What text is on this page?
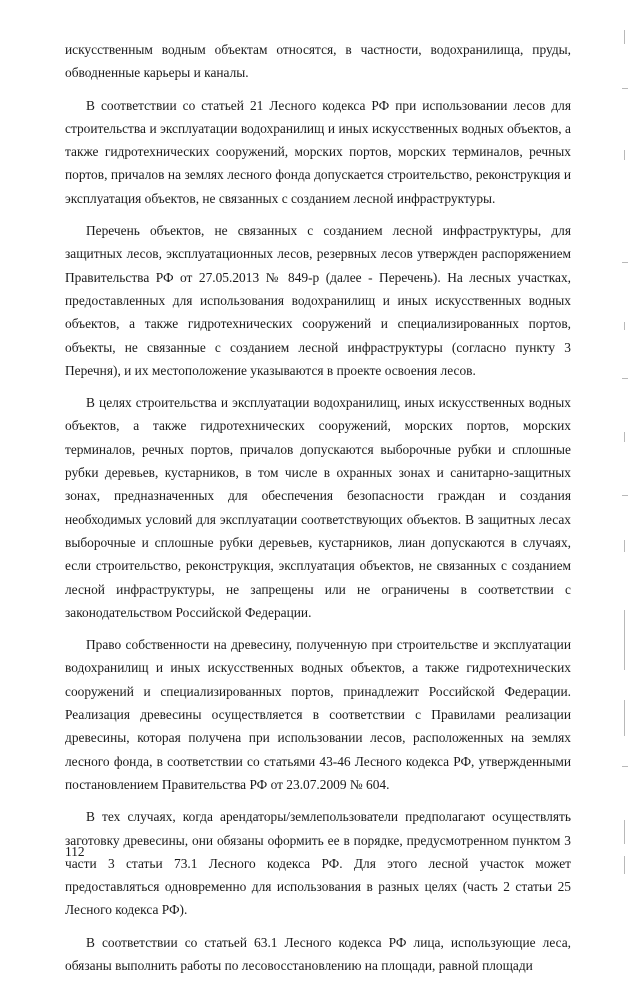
искусственным водным объектам относятся, в частности, водохранилища, пруды, обводненные карьеры и каналы.

В соответствии со статьей 21 Лесного кодекса РФ при использовании лесов для строительства и эксплуатации водохранилищ и иных искусственных водных объектов, а также гидротехнических сооружений, морских портов, морских терминалов, речных портов, причалов на землях лесного фонда допускается строительство, реконструкция и эксплуатация объектов, не связанных с созданием лесной инфраструктуры.

Перечень объектов, не связанных с созданием лесной инфраструктуры, для защитных лесов, эксплуатационных лесов, резервных лесов утвержден распоряжением Правительства РФ от 27.05.2013 № 849-р (далее - Перечень). На лесных участках, предоставленных для использования водохранилищ и иных искусственных водных объектов, а также гидротехнических сооружений и специализированных портов, объекты, не связанные с созданием лесной инфраструктуры (согласно пункту 3 Перечня), и их местоположение указываются в проекте освоения лесов.

В целях строительства и эксплуатации водохранилищ, иных искусственных водных объектов, а также гидротехнических сооружений, морских портов, морских терминалов, речных портов, причалов допускаются выборочные рубки и сплошные рубки деревьев, кустарников, в том числе в охранных зонах и санитарно-защитных зонах, предназначенных для обеспечения безопасности граждан и создания необходимых условий для эксплуатации соответствующих объектов. В защитных лесах выборочные и сплошные рубки деревьев, кустарников, лиан допускаются в случаях, если строительство, реконструкция, эксплуатация объектов, не связанных с созданием лесной инфраструктуры, не запрещены или не ограничены в соответствии с законодательством Российской Федерации.

Право собственности на древесину, полученную при строительстве и эксплуатации водохранилищ и иных искусственных водных объектов, а также гидротехнических сооружений и специализированных портов, принадлежит Российской Федерации. Реализация древесины осуществляется в соответствии с Правилами реализации древесины, которая получена при использовании лесов, расположенных на землях лесного фонда, в соответствии со статьями 43-46 Лесного кодекса РФ, утвержденными постановлением Правительства РФ от 23.07.2009 № 604.

В тех случаях, когда арендаторы/землепользователи предполагают осуществлять заготовку древесины, они обязаны оформить ее в порядке, предусмотренном пунктом 3 части 3 статьи 73.1 Лесного кодекса РФ. Для этого лесной участок может предоставляться одновременно для использования в разных целях (часть 2 статьи 25 Лесного кодекса РФ).

В соответствии со статьей 63.1 Лесного кодекса РФ лица, использующие леса, обязаны выполнить работы по лесовосстановлению на площади, равной площади

112
